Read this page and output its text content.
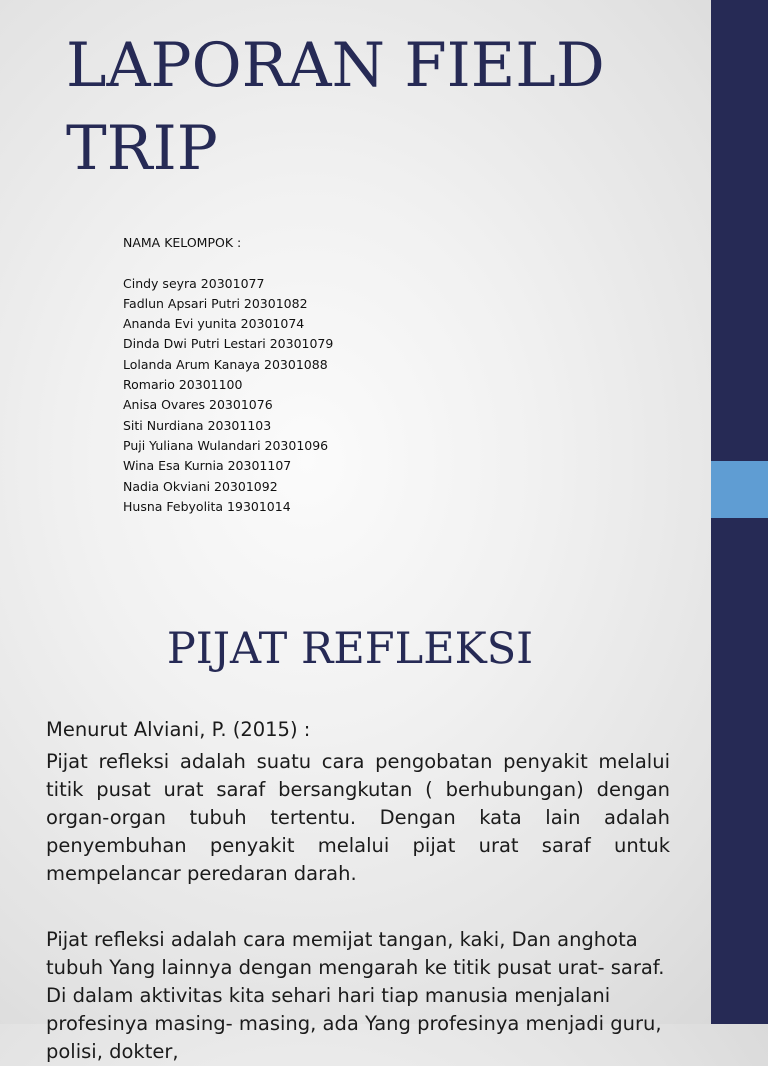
LAPORAN FIELD
TRIP
NAMA KELOMPOK :
Cindy seyra 20301077
Fadlun Apsari Putri 20301082
Ananda Evi yunita 20301074
Dinda Dwi Putri Lestari 20301079
Lolanda Arum Kanaya 20301088
Romario 20301100
Anisa Ovares 20301076
Siti Nurdiana 20301103
Puji Yuliana Wulandari 20301096
Wina Esa Kurnia 20301107
Nadia Okviani 20301092
Husna Febyolita 19301014
PIJAT REFLEKSI
Menurut Alviani, P. (2015) :
Pijat refleksi adalah suatu cara pengobatan penyakit melalui titik pusat urat saraf bersangkutan ( berhubungan) dengan organ-organ tubuh tertentu. Dengan kata lain adalah penyembuhan penyakit melalui pijat urat saraf untuk mempelancar peredaran darah.
Pijat refleksi adalah cara memijat tangan, kaki, Dan anghota tubuh Yang lainnya dengan mengarah ke titik pusat urat- saraf. Di dalam aktivitas kita sehari hari tiap manusia menjalani profesinya masing- masing, ada Yang profesinya menjadi guru, polisi, dokter,
